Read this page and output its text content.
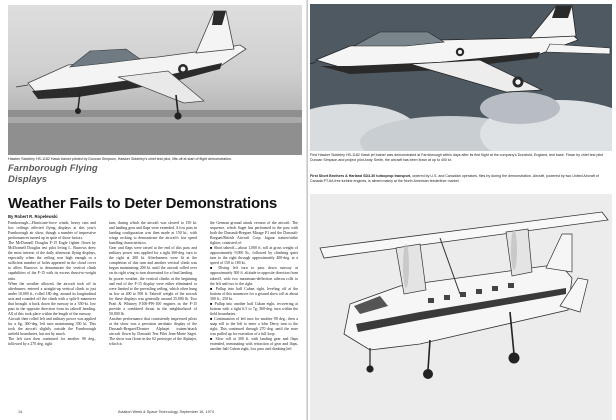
Hawker Siddeley HS-1182 Hawk trainer piloted by Duncan Simpson, Hawker Siddeley's chief test pilot, lifts off at start of flight demonstration.
Farnborough Flying Displays
Weather Fails to Deter Demonstrations
By Robert R. Ropelewski

Farnborough—Hurricane-force winds, heavy rain and low ceilings affected flying displays at this year's Farnborough air show, though a number of impressive performances turned up in spite of those factors.

The McDonnell Douglas F-15 Eagle fighter flown by McDonnell Douglas test pilot Irving L. Burrows drew the most interest of the daily afternoon flying displays, especially when the ceiling rose high enough or a sufficient number of holes appeared in the cloud cover to allow Burrows to demonstrate the vertical climb capabilities of the F-15 with its excess thrust-to-weight ratio.

When the weather allowed, the aircraft took off in afterburner, entered a straight-up vertical climb to just under 10,000 ft., rolled 180 deg. around its longitudinal axis and rounded off the climb with a split-S maneuver that brought it back down the runway in a 350-kt. low pass in the opposite direction from its takeoff heading. All of this took place within the length of the runway.

Aircraft then rolled left and military power was applied for a 6g, 360-deg. left turn maintaining 350 kt. This took the aircraft slightly outside the Farnborough airfield boundaries, but not by much.

The left turn then continued for another 90 deg., followed by a 270 deg. right

turn, during which the aircraft was slowed to 150 kt. and landing gear and flaps were extended. A low pass in landing configuration was then made at 150 kt., with wings rocking to demonstrate the aircraft's low speed handling characteristics.

Gear and flaps were raised at the end of this pass and military power was applied for a tight 360-deg. turn to the right at 200 kt. Afterburners were lit at the completion of this turn and another vertical climb was begun maintaining 200 kt. until the aircraft rolled over on its right wing to turn downwind for a final landing.

In poorer weather, the vertical climbs at the beginning and end of the F-15 display were either eliminated or were limited to the prevailing ceiling, which often hung as low as 400 to 500 ft. Takeoff weight of the aircraft for these displays was generally around 35,000 lb. Two Pratt & Whitney F100-PW-100 engines in the F-15 provide a combined thrust in the neighborhood of 50,000 lb.

Another performance that consistently impressed pilots at the show was a precision aerobatic display of the Dassault-Breguet/Dornier Alphajet trainer/attack aircraft flown by Dassault Test Pilot Jean-Marie Saget. The show was flown in the 02 prototype of the Alphajet, which is

the German ground attack version of the aircraft. The sequence, which Saget has performed in the past with both the Dassault-Breguet Mirage F1 and the Dassault-Breguet/British Aircraft Corp. Jaguar trainer/strike fighter, consisted of:

■ Short takeoff—about 1,000 ft. roll at gross weight of approximately 9,000 lb., followed by climbing quiet turn to the right through approximately 400-deg. at a speed of 150 to 180 kt.

■ Diving left turn to pass down runway at approximately 300 ft. altitude in opposite direction from takeoff, with two maximum-deflection aileron rolls to the left and two to the right.

■ Pullup into half Cuban right, leveling off at the bottom of this maneuver for a ground show roll at about 300 ft., 250 kt.

■ Pullup into another half Cuban eight, recovering at bottom with a tight 6.5 to 7g, 360-deg. turn within the field boundaries.

■ Continuation of left turn for another 90 deg., then a snap roll to the left to enter a lobe Derry turn to the right. This continued through 270 deg. until the nose was pulled up for execution of a full loop.

■ Slow roll at 300 ft. with landing gear and flaps extended, terminating with retraction of gear and flaps, another half Cuban eight, low pass and climbing left

14	Aviation Week & Space Technology, September 16, 1974
First Hawker Siddeley HS-1182 Hawk jet trainer was demonstrated at Farnborough within days after its first flight at the company's Dunsfold, England, test base. Flown by chief test pilot Duncan Simpson and project pilot Andy Smith, the aircraft has been flown at up to 400 kt.
First Short Brothers & Harland SD3-30 turboprop transport, ordered by U.S. and Canadian operators, flies by during the demonstration. Aircraft, powered by two United Aircraft of Canada PT-6A free turbine engines, is aimed mainly at the North American feederliner market.
